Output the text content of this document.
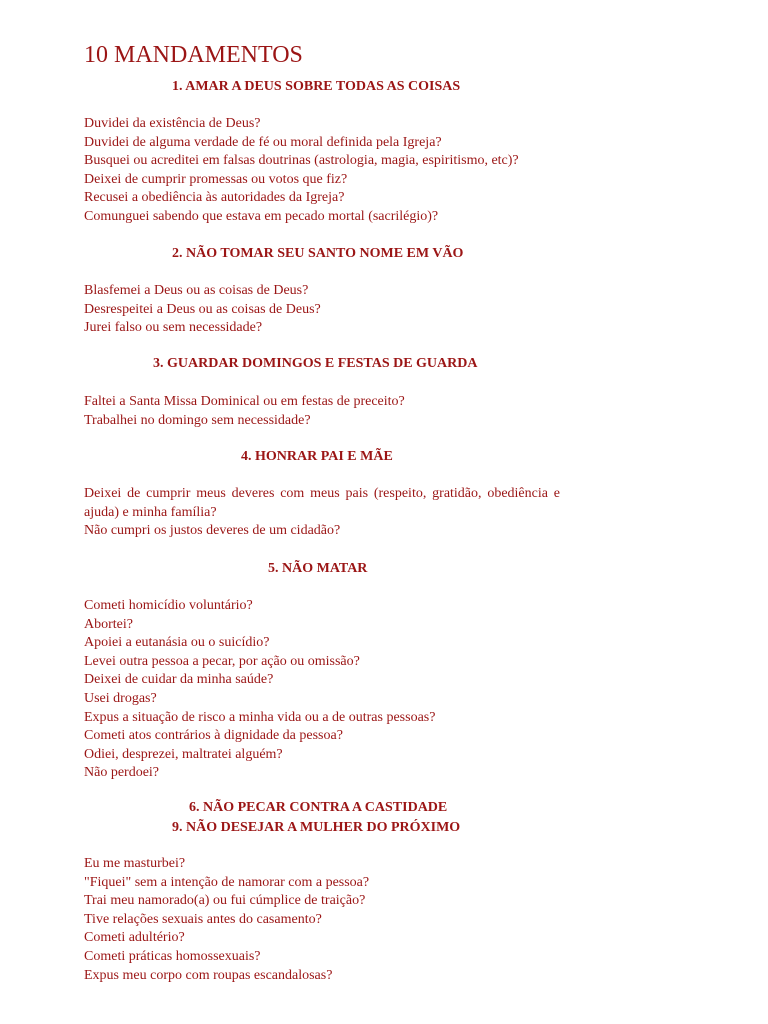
10 MANDAMENTOS
1. AMAR A DEUS SOBRE TODAS AS COISAS
Duvidei da existência de Deus?
Duvidei de alguma verdade de fé ou moral definida pela Igreja?
Busquei ou acreditei em falsas doutrinas (astrologia, magia, espiritismo, etc)?
Deixei de cumprir promessas ou votos que fiz?
Recusei a obediência às autoridades da Igreja?
Comunguei sabendo que estava em pecado mortal (sacrilégio)?
2. NÃO TOMAR SEU SANTO NOME EM VÃO
Blasfemei a Deus ou as coisas de Deus?
Desrespeitei a Deus ou as coisas de Deus?
Jurei falso ou sem necessidade?
3. GUARDAR DOMINGOS E FESTAS DE GUARDA
Faltei a Santa Missa Dominical ou em festas de preceito?
Trabalhei no domingo sem necessidade?
4. HONRAR PAI E MÃE
Deixei de cumprir meus deveres com meus pais (respeito, gratidão, obediência e ajuda) e minha família?
Não cumpri os justos deveres de um cidadão?
5. NÃO MATAR
Cometi homicídio voluntário?
Abortei?
Apoiei a eutanásia ou o suicídio?
Levei outra pessoa a pecar, por ação ou omissão?
Deixei de cuidar da minha saúde?
Usei drogas?
Expus a situação de risco a minha vida ou a de outras pessoas?
Cometi atos contrários à dignidade da pessoa?
Odiei, desprezei, maltratei alguém?
Não perdoei?
6. NÃO PECAR CONTRA A CASTIDADE
9. NÃO DESEJAR A MULHER DO PRÓXIMO
Eu me masturbei?
"Fiquei" sem a intenção de namorar com a pessoa?
Trai meu namorado(a) ou fui cúmplice de traição?
Tive relações sexuais antes do casamento?
Cometi adultério?
Cometi práticas homossexuais?
Expus meu corpo com roupas escandalosas?
